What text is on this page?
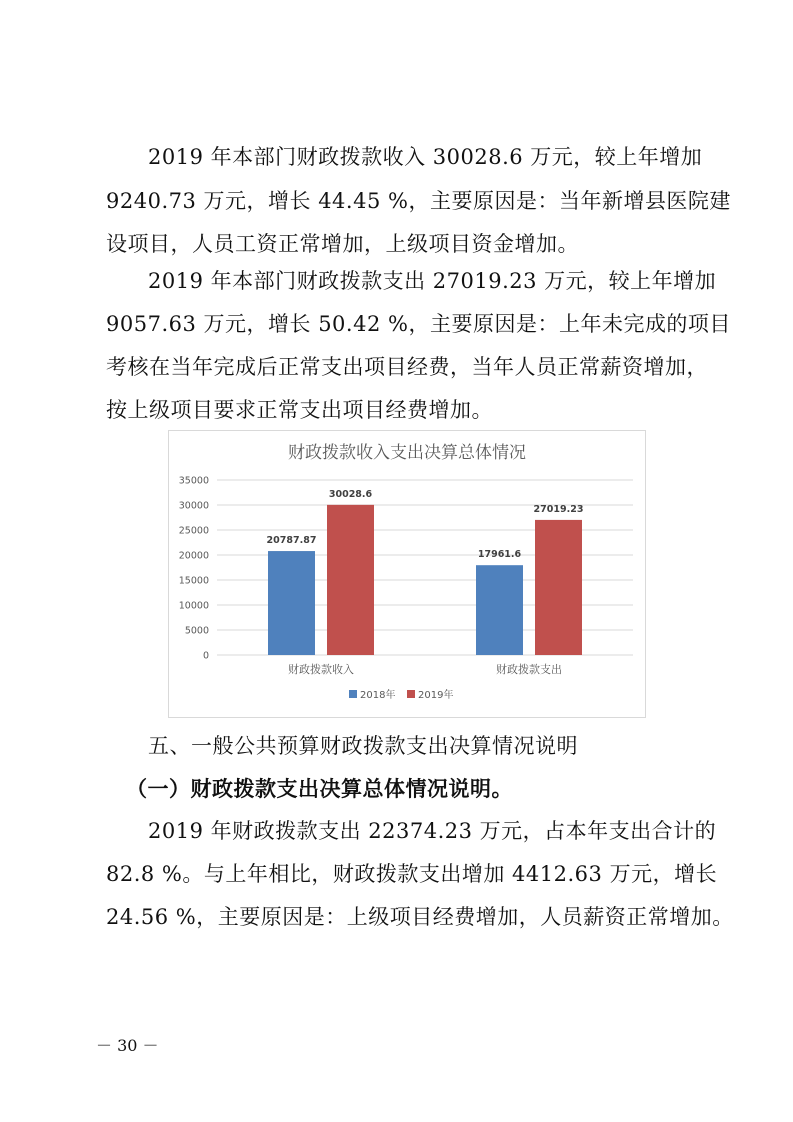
2019 年本部门财政拨款收入 30028.6 万元，较上年增加
9240.73 万元，增长 44.45 %，主要原因是：当年新增县医院建
设项目，人员工资正常增加，上级项目资金增加。
2019 年本部门财政拨款支出 27019.23 万元，较上年增加
9057.63 万元，增长 50.42 %，主要原因是：上年未完成的项目
考核在当年完成后正常支出项目经费，当年人员正常薪资增加，
按上级项目要求正常支出项目经费增加。
财政拨款收入支出决算总体情况
0
5000
10000
15000
20000
25000
30000
35000
20787.87
30028.6
财政拨款收入
17961.6
27019.23
财政拨款支出
2018年 2019年
五、一般公共预算财政拨款支出决算情况说明
（一）财政拨款支出决算总体情况说明。
2019 年财政拨款支出 22374.23 万元，占本年支出合计的
82.8 %。与上年相比，财政拨款支出增加 4412.63 万元，增长
24.56 %，主要原因是：上级项目经费增加，人员薪资正常增加。
－ 30 －
